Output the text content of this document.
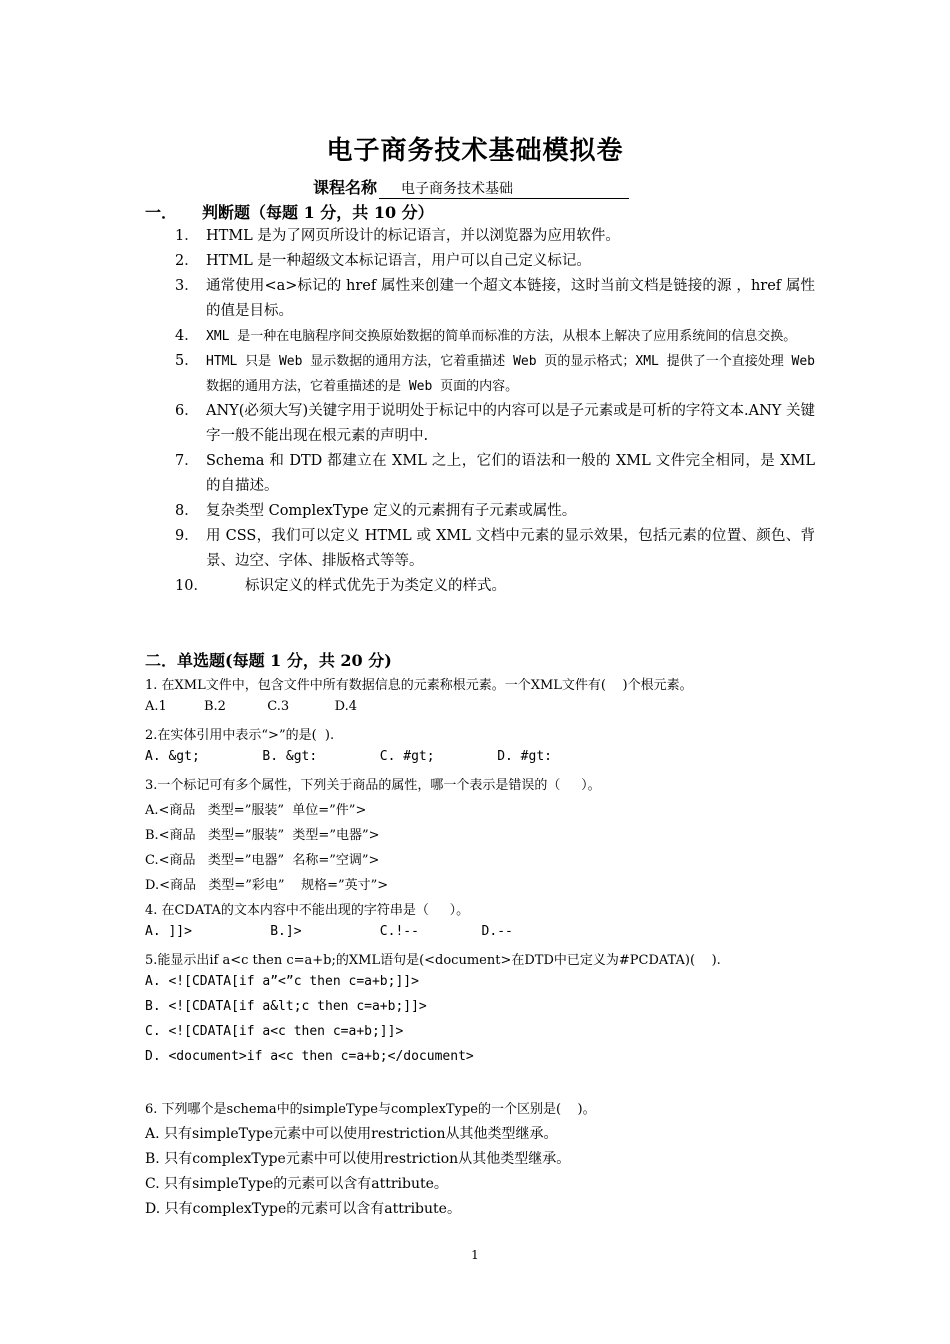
电子商务技术基础模拟卷
课程名称 电子商务技术基础
一． 判断题（每题 1 分，共 10 分）
1． HTML 是为了网页所设计的标记语言，并以浏览器为应用软件。
2． HTML 是一种超级文本标记语言，用户可以自己定义标记。
3． 通常使用<a>标记的 href 属性来创建一个超文本链接，这时当前文档是链接的源 ，href 属性的值是目标。
4． XML 是一种在电脑程序间交换原始数据的简单而标准的方法，从根本上解决了应用系统间的信息交换。
5． HTML 只是 Web 显示数据的通用方法，它着重描述 Web 页的显示格式；XML 提供了一个直接处理 Web 数据的通用方法，它着重描述的是 Web 页面的内容。
6． ANY(必须大写)关键字用于说明处于标记中的内容可以是子元素或是可析的字符文本.ANY 关键字一般不能出现在根元素的声明中.
7． Schema 和 DTD 都建立在 XML 之上，它们的语法和一般的 XML 文件完全相同，是 XML 的自描述。
8． 复杂类型 ComplexType 定义的元素拥有子元素或属性。
9． 用 CSS，我们可以定义 HTML 或 XML 文档中元素的显示效果，包括元素的位置、颜色、背景、边空、字体、排版格式等等。
10．	标识定义的样式优先于为类定义的样式。
二．单选题(每题 1 分，共 20 分)
1. 在XML文件中，包含文件中所有数据信息的元素称根元素。一个XML文件有(    )个根元素。
A.1         B.2          C.3           D.4
2.在实体引用中表示“>”的是(  ).
A. &gt;        B. &gt:        C. #gt;        D. #gt:
3.一个标记可有多个属性，下列关于商品的属性，哪一个表示是错误的（     ）。
A.<商品   类型=”服装”  单位=”件”>
B.<商品   类型=”服装”  类型=”电器”>
C.<商品   类型=”电器”  名称=”空调”>
D.<商品   类型=”彩电”    规格=”英寸”>
4. 在CDATA的文本内容中不能出现的字符串是（     ）。
A. ]]>          B.]>          C.!--        D.--
5.能显示出if a<c then c=a+b;的XML语句是(<document>在DTD中已定义为#PCDATA)(    ).
A. <![CDATA[if a”<”c then c=a+b;]]>
B. <![CDATA[if a&lt;c then c=a+b;]]>
C. <![CDATA[if a<c then c=a+b;]]>
D. <document>if a<c then c=a+b;</document>
6. 下列哪个是schema中的simpleType与complexType的一个区别是(    )。
A. 只有simpleType元素中可以使用restriction从其他类型继承。
B. 只有complexType元素中可以使用restriction从其他类型继承。
C. 只有simpleType的元素可以含有attribute。
D. 只有complexType的元素可以含有attribute。
1
